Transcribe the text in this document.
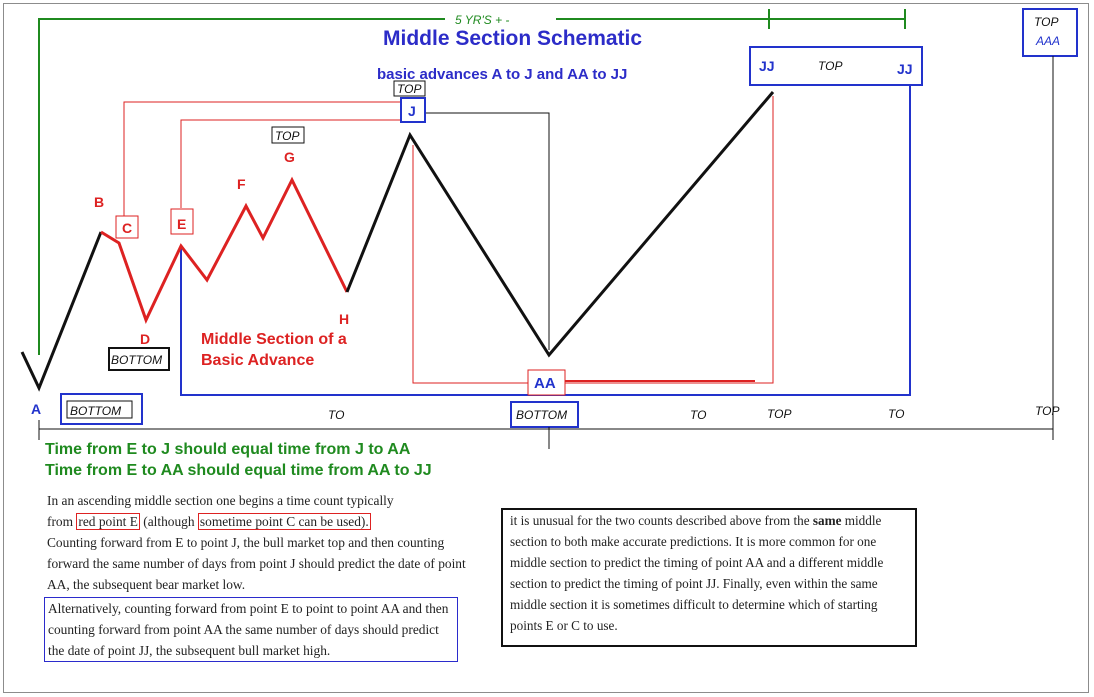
5 YR'S + -
Middle Section Schematic
basic advances A to J and AA to JJ
A
B
C
D
E
F
G
H
J
AA
JJ	TOP	JJ
TOP
AAA
TOP
TOP
BOTTOM
BOTTOM	BOTTOM
Middle Section of a
Basic Advance
TO	TO	TOP	TO	TOP
Time from E to J should equal time from J to AA
Time from E to AA should equal time from AA to JJ
In an ascending middle section one begins a time count typically
from red point E (although sometime point C can be used).
Counting forward from E to point J, the bull market top and then counting forward the same number of days from point J should predict the date of point AA, the subsequent bear market low.
Alternatively, counting forward from point E to point to point AA and then counting forward from point AA the same number of days should predict the date of point JJ, the subsequent bull market high.
it is unusual for the two counts described above from the same middle section to both make accurate predictions. It is more common for one middle section to predict the timing of point AA and a different middle section to predict the timing of point JJ. Finally, even within the same middle section it is sometimes difficult to determine which of starting points E or C to use.
